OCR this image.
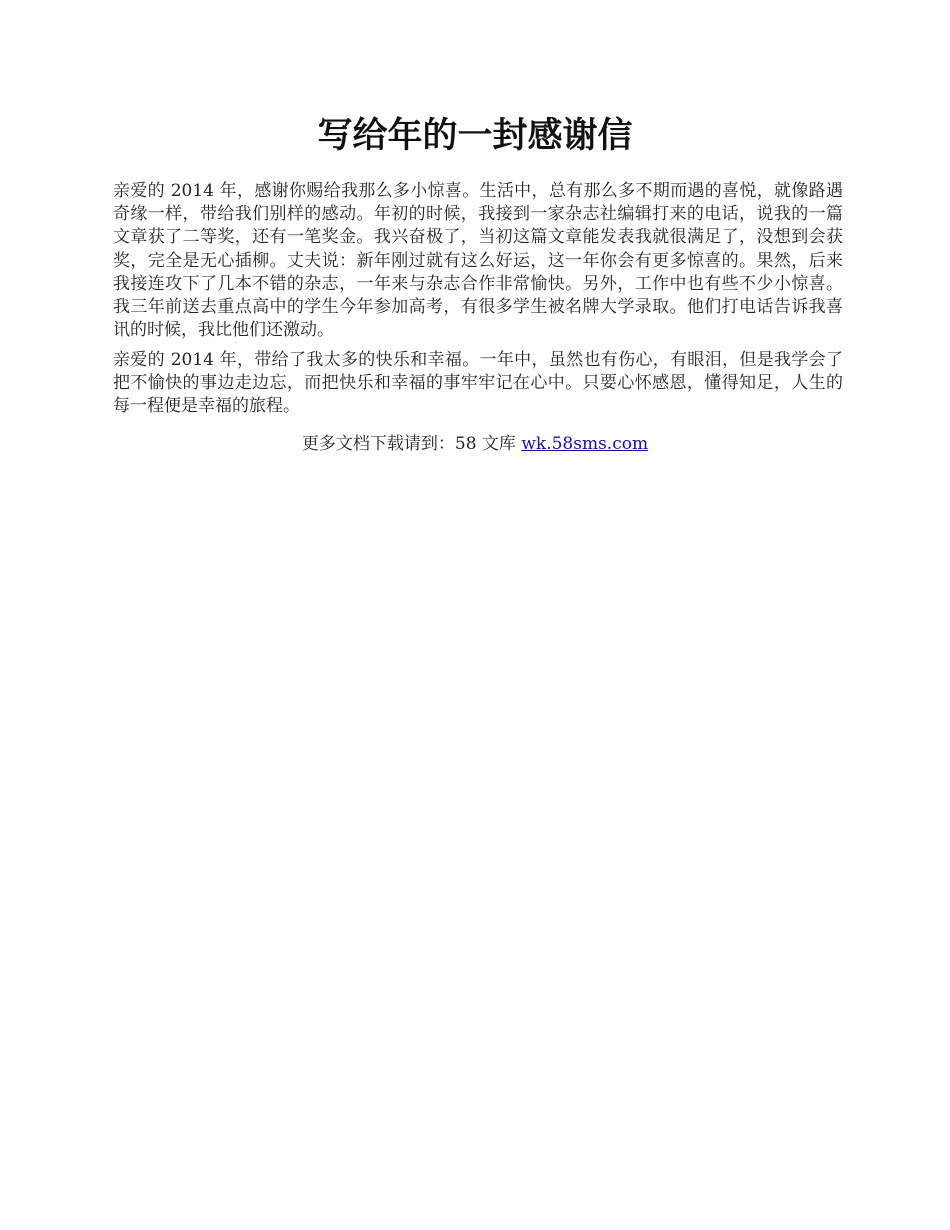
写给年的一封感谢信

亲爱的 2014 年，感谢你赐给我那么多小惊喜。生活中，总有那么多不期而遇的喜悦，就像路遇奇缘一样，带给我们别样的感动。年初的时候，我接到一家杂志社编辑打来的电话，说我的一篇文章获了二等奖，还有一笔奖金。我兴奋极了，当初这篇文章能发表我就很满足了，没想到会获奖，完全是无心插柳。丈夫说：新年刚过就有这么好运，这一年你会有更多惊喜的。果然，后来我接连攻下了几本不错的杂志，一年来与杂志合作非常愉快。另外，工作中也有些不少小惊喜。我三年前送去重点高中的学生今年参加高考，有很多学生被名牌大学录取。他们打电话告诉我喜讯的时候，我比他们还激动。

亲爱的 2014 年，带给了我太多的快乐和幸福。一年中，虽然也有伤心，有眼泪，但是我学会了把不愉快的事边走边忘，而把快乐和幸福的事牢牢记在心中。只要心怀感恩，懂得知足，人生的每一程便是幸福的旅程。

更多文档下载请到：58 文库 wk.58sms.com
